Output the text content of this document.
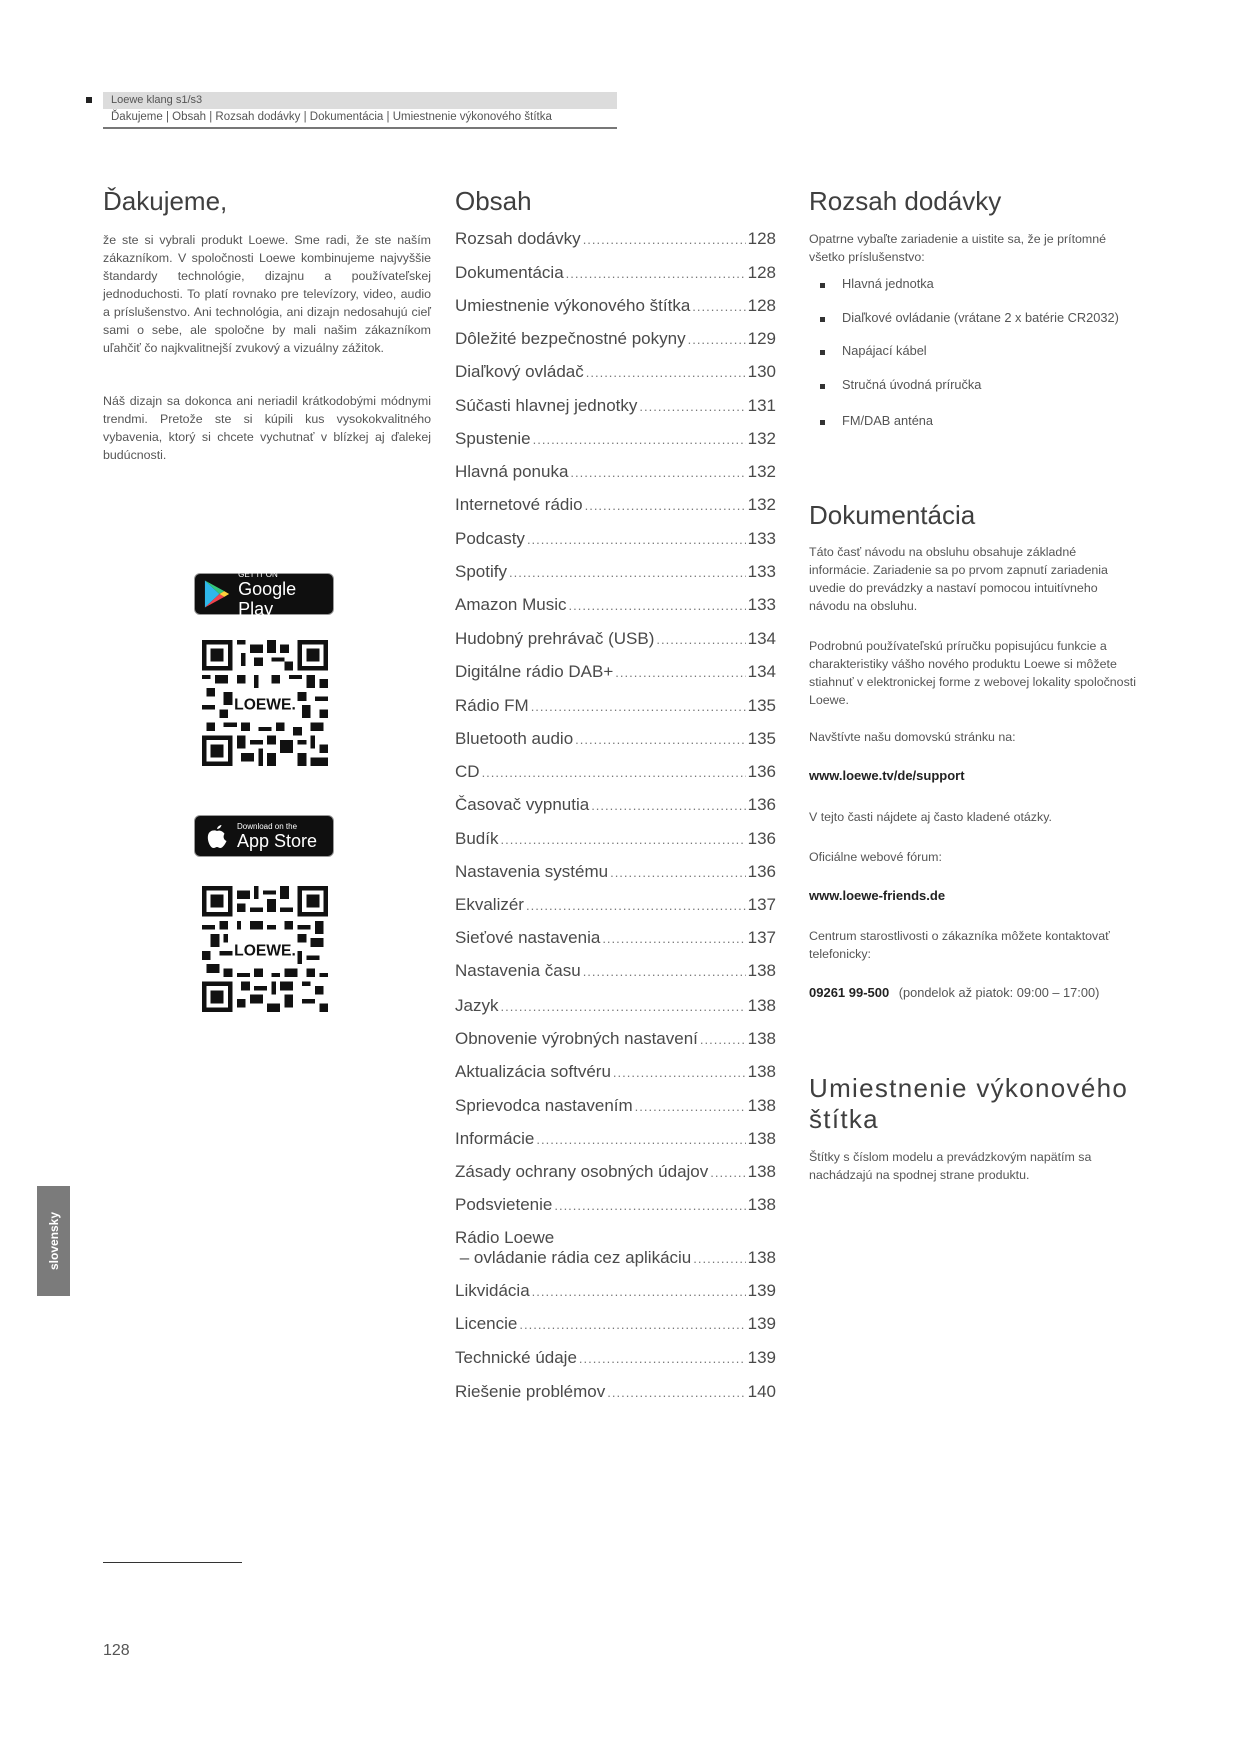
Loewe klang s1/s3
Ďakujeme | Obsah | Rozsah dodávky | Dokumentácia | Umiestnenie výkonového štítka
Ďakujeme,
že ste si vybrali produkt Loewe. Sme radi, že ste naším zákazníkom. V spoločnosti Loewe kombinujeme najvyššie štandardy technológie, dizajnu a používateľskej jednoduchosti. To platí rovnako pre televízory, video, audio a príslušenstvo. Ani technológia, ani dizajn nedosahujú cieľ sami o sebe, ale spoločne by mali našim zákazníkom uľahčiť čo najkvalitnejší zvukový a vizuálny zážitok.
Náš dizajn sa dokonca ani neriadil krátkodobými módnymi trendmi. Pretože ste si kúpili kus vysokokvalitného vybavenia, ktorý si chcete vychutnať v blízkej aj ďalekej budúcnosti.
GET IT ON
Google Play
LOEWE.
Download on the
App Store
LOEWE.
Obsah
Rozsah dodávky .....	128
Dokumentácia .....	128
Umiestnenie výkonového štítka .....	128
Dôležité bezpečnostné pokyny .....	129
Diaľkový ovládač .....	130
Súčasti hlavnej jednotky .....	131
Spustenie .....	132
Hlavná ponuka .....	132
Internetové rádio .....	132
Podcasty .....	133
Spotify .....	133
Amazon Music .....	133
Hudobný prehrávač (USB) .....	134
Digitálne rádio DAB+ .....	134
Rádio FM .....	135
Bluetooth audio .....	135
CD .....	136
Časovač vypnutia .....	136
Budík .....	136
Nastavenia systému .....	136
Ekvalizér .....	137
Sieťové nastavenia .....	137
Nastavenia času .....	138
Jazyk .....	138
Obnovenie výrobných nastavení .....	138
Aktualizácia softvéru .....	138
Sprievodca nastavením .....	138
Informácie .....	138
Zásady ochrany osobných údajov ..... 138
Podsvietenie .....	138
Rádio Loewe
– ovládanie rádia cez aplikáciu .....	138
Likvidácia .....	139
Licencie .....	139
Technické údaje .....	139
Riešenie problémov .....	140
Rozsah dodávky
Opatrne vybaľte zariadenie a uistite sa, že je prítomné všetko príslušenstvo:
Hlavná jednotka
Diaľkové ovládanie (vrátane 2 x batérie CR2032)
Napájací kábel
Stručná úvodná príručka
FM/DAB anténa
Dokumentácia
Táto časť návodu na obsluhu obsahuje základné informácie. Zariadenie sa po prvom zapnutí zariadenia uvedie do prevádzky a nastaví pomocou intuitívneho návodu na obsluhu.
Podrobnú používateľskú príručku popisujúcu funkcie a charakteristiky vášho nového produktu Loewe si môžete stiahnuť v elektronickej forme z webovej lokality spoločnosti Loewe.
Navštívte našu domovskú stránku na:
www.loewe.tv/de/support
V tejto časti nájdete aj často kladené otázky.
Oficiálne webové fórum:
www.loewe-friends.de
Centrum starostlivosti o zákazníka môžete kontaktovať telefonicky:
09261 99-500 (pondelok až piatok: 09:00 – 17:00)
Umiestnenie výkonového
štítka
Štítky s číslom modelu a prevádzkovým napätím sa nachádzajú na spodnej strane produktu.
slovensky
128
